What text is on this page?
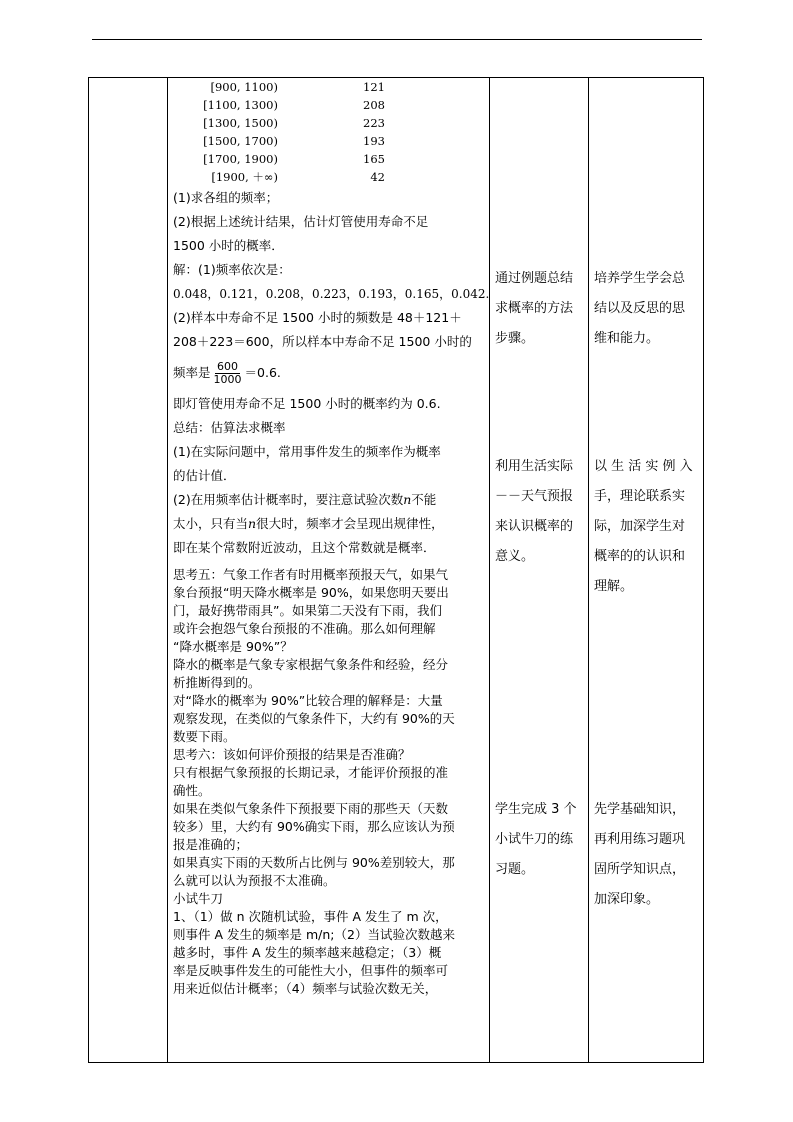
[900, 1100)	121
[1100, 1300)	208
[1300, 1500)	223
[1500, 1700)	193
[1700, 1900)	165
[1900, ＋∞)	42

(1)求各组的频率；

(2)根据上述统计结果，估计灯管使用寿命不足

1500 小时的概率．

解：(1)频率依次是：

0.048，0.121，0.208，0.223，0.193，0.165，0.042.

(2)样本中寿命不足 1500 小时的频数是 48＋121＋

208＋223＝600，所以样本中寿命不足 1500 小时的

频率是 $\frac{600}{1000} =0.6$.

即灯管使用寿命不足 1500 小时的概率约为 0.6.

总结：估算法求概率

(1)在实际问题中，常用事件发生的频率作为概率

的估计值．

(2)在用频率估计概率时，要注意试验次数n不能

太小，只有当n很大时，频率才会呈现出规律性，

即在某个常数附近波动，且这个常数就是概率．

思考五：气象工作者有时用概率预报天气，如果气

象台预报“明天降水概率是 90%，如果您明天要出

门，最好携带雨具”。如果第二天没有下雨，我们

或许会抱怨气象台预报的不准确。那么如何理解

“降水概率是 90%”？

降水的概率是气象专家根据气象条件和经验，经分

析推断得到的。

对“降水的概率为 90%”比较合理的解释是：大量

观察发现，在类似的气象条件下，大约有 90%的天

数要下雨。

思考六：该如何评价预报的结果是否准确？

只有根据气象预报的长期记录，才能评价预报的准

确性。

如果在类似气象条件下预报要下雨的那些天（天数

较多）里，大约有 90%确实下雨，那么应该认为预

报是准确的；

如果真实下雨的天数所占比例与 90%差别较大，那

么就可以认为预报不太准确。

小试牛刀

1、（1）做 n 次随机试验，事件 A 发生了 m 次，

则事件 A 发生的频率是 m/n;（2）当试验次数越来

越多时，事件 A 发生的频率越来越稳定；（3）概

率是反映事件发生的可能性大小，但事件的频率可

用来近似估计概率；（4）频率与试验次数无关，

通过例题总结
求概率的方法
步骤。
利用生活实际
－－天气预报
来认识概率的
意义。
学生完成 3 个
小试牛刀的练
习题。
培养学生学会总
结以及反思的思
维和能力。
以 生 活 实 例 入
手，理论联系实
际，加深学生对
概率的的认识和
理解。
先学基础知识，
再利用练习题巩
固所学知识点，
加深印象。
